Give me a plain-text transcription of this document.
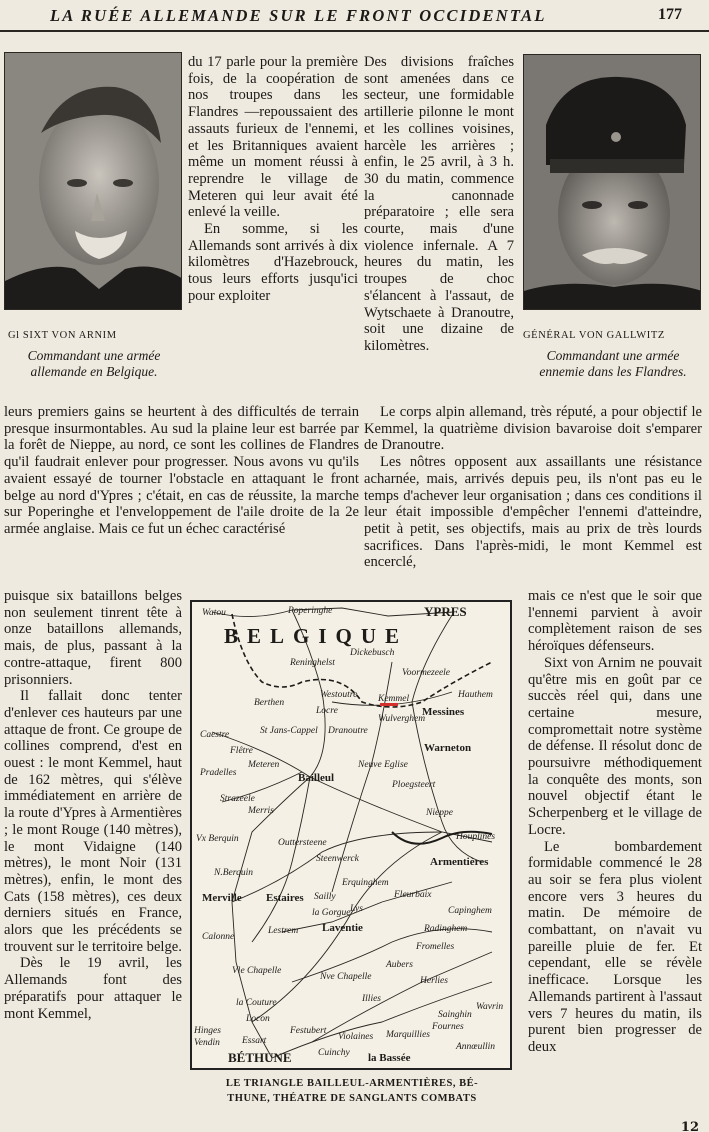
LA RUÉE ALLEMANDE SUR LE FRONT OCCIDENTAL	177
Gl SIXT VON ARNIM
Commandant une armée
allemande en Belgique.
GÉNÉRAL VON GALLWITZ
Commandant une armée
ennemie dans les Flandres.

du 17 parle pour la première fois, de la coopération de nos troupes dans les Flandres —repoussaient des assauts furieux de l'ennemi, et les Britanniques avaient même un moment réussi à reprendre le village de Meteren qui leur avait été enlevé la veille.

En somme, si les Allemands sont arrivés à dix kilomètres d'Hazebrouck, tous leurs efforts jusqu'ici pour exploiter

Des divisions fraîches sont amenées dans ce secteur, une formidable artillerie pilonne le mont et les collines voisines, harcèle les arrières ; enfin, le 25 avril, à 3 h. 30 du matin, commence la canonnade préparatoire ; elle sera courte, mais d'une violence infernale. A 7 heures du matin, les troupes de choc s'élancent à l'assaut, de Wytschaete à Dranoutre, soit une dizaine de kilomètres.

leurs premiers gains se heurtent à des difficultés de terrain presque insurmontables. Au sud la plaine leur est barrée par la forêt de Nieppe, au nord, ce sont les collines de Flandres qu'il faudrait enlever pour progresser. Nous avons vu qu'ils avaient essayé de tourner l'obstacle en attaquant le front belge au nord d'Ypres ; c'était, en cas de réussite, la marche sur Poperinghe et l'enveloppement de l'aile droite de la 2e armée anglaise. Mais ce fut un échec caractérisé

Le corps alpin allemand, très réputé, a pour objectif le Kemmel, la quatrième division bavaroise doit s'emparer de Dranoutre.

Les nôtres opposent aux assaillants une résistance acharnée, mais, arrivés depuis peu, ils n'ont pas eu le temps d'achever leur organisation ; dans ces conditions il leur était impossible d'empêcher l'ennemi d'atteindre, petit à petit, ses objectifs, mais au prix de très lourds sacrifices. Dans l'après-midi, le mont Kemmel est encerclé,

puisque six bataillons belges non seulement tinrent tête à onze bataillons allemands, mais, de plus, passant à la contre-attaque, firent 800 prisonniers.

Il fallait donc tenter d'enlever ces hauteurs par une attaque de front. Ce groupe de collines comprend, d'est en ouest : le mont Kemmel, haut de 162 mètres, qui s'élève immédiatement en arrière de la route d'Ypres à Armentières ; le mont Rouge (140 mètres), le mont Vidaigne (140 mètres), le mont Noir (131 mètres), enfin, le mont des Cats (158 mètres), ces deux derniers situés en France, alors que les précédents se trouvent sur le territoire belge.

Dès le 19 avril, les Allemands font des préparatifs pour attaquer le mont Kemmel,

mais ce n'est que le soir que l'ennemi parvient à avoir complètement raison de ses héroïques défenseurs.

Sixt von Arnim ne pouvait qu'être mis en goût par ce succès réel qui, dans une certaine mesure, compromettait notre système de défense. Il résolut donc de poursuivre méthodiquement la conquête des monts, son nouvel objectif étant le Scherpenberg et le village de Locre.

Le bombardement formidable commencé le 28 au soir se fera plus violent encore vers 3 heures du matin. De mémoire de combattant, on n'avait vu pareille pluie de fer. Et cependant, elle se révèle inefficace. Lorsque les Allemands partirent à l'assaut vers 7 heures du matin, ils purent bien progresser de deux

BELGIQUE
YPRES
Watou	Poperinghe
Reninghelst
Dickebusch
Voormezeele
Hauthem
Berthen
Westoutre
Locre
Kemmel
Wulverghem
Messines
Caestre	St Jans-Cappel Dranoutre
Warneton
Flêtre
Meteren	Neuve Eglise
Pradelles	Bailleul
Ploegsteert
Strazeele
Merris	Nieppe
Vx Berquin	Outtersteene
Steenwerck
Houplines
Erquinghem
Armentières
N.Berquin
Sailly
Lys
Merville Estaires	Fleurbaix
la Gorgue	Capinghem
Laventie	Radinghem
Calonne
Lestrem
Fromelles
Vle Chapelle
Aubers
Nve Chapelle	Herlies
la Couture	Illies
Locon	Sainghin
Wavrin
Hinges
Vendin Essart
Festubert
Violaines Marquillies
Fournes
Annœullin
BÉTHUNE	Cuinchy la Bassée
LE TRIANGLE BAILLEUL-ARMENTIÈRES, BÉ-
THUNE, THÉATRE DE SANGLANTS COMBATS
12
